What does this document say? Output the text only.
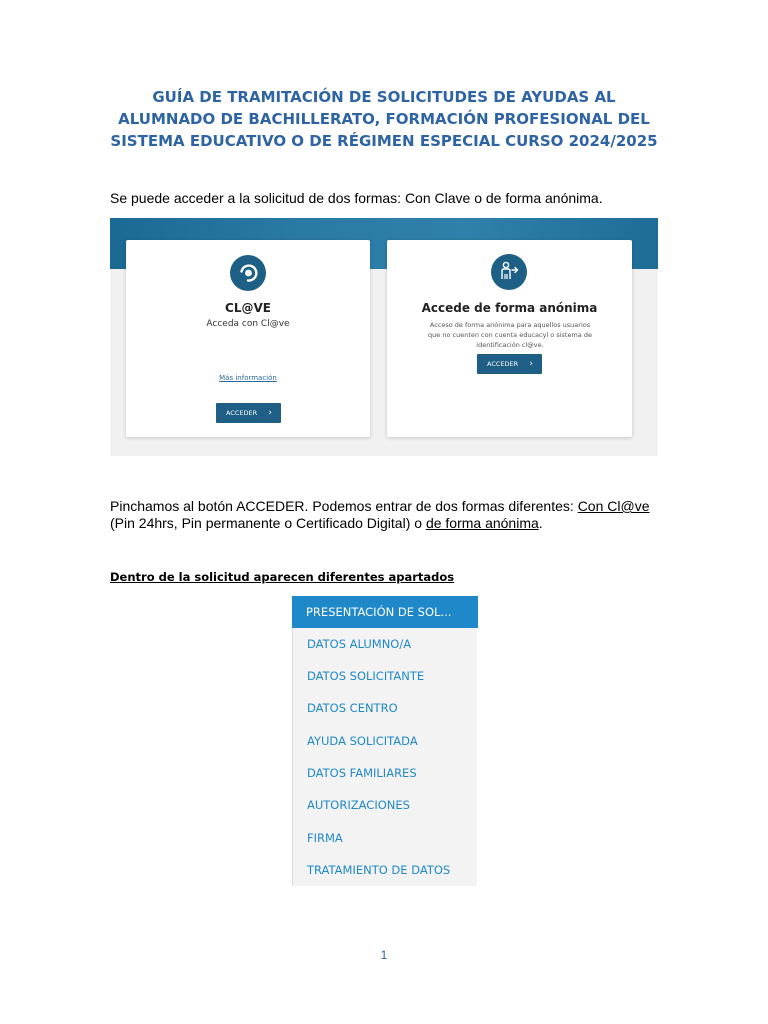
GUÍA DE TRAMITACIÓN DE SOLICITUDES DE AYUDAS AL
ALUMNADO DE BACHILLERATO, FORMACIÓN PROFESIONAL DEL
SISTEMA EDUCATIVO O DE RÉGIMEN ESPECIAL CURSO 2024/2025
Se puede acceder a la solicitud de dos formas: Con Clave o de forma anónima.
CL@VE
Acceda con Cl@ve
Más información
ACCEDER ›
Accede de forma anónima
Acceso de forma anónima para aquellos usuarios que no cuenten con cuenta educacyl o sistema de identificación cl@ve.
ACCEDER ›
Pinchamos al botón ACCEDER. Podemos entrar de dos formas diferentes: Con Cl@ve
(Pin 24hrs, Pin permanente o Certificado Digital) o de forma anónima.
Dentro de la solicitud aparecen diferentes apartados
PRESENTACIÓN DE SOL...
DATOS ALUMNO/A
DATOS SOLICITANTE
DATOS CENTRO
AYUDA SOLICITADA
DATOS FAMILIARES
AUTORIZACIONES
FIRMA
TRATAMIENTO DE DATOS
1
